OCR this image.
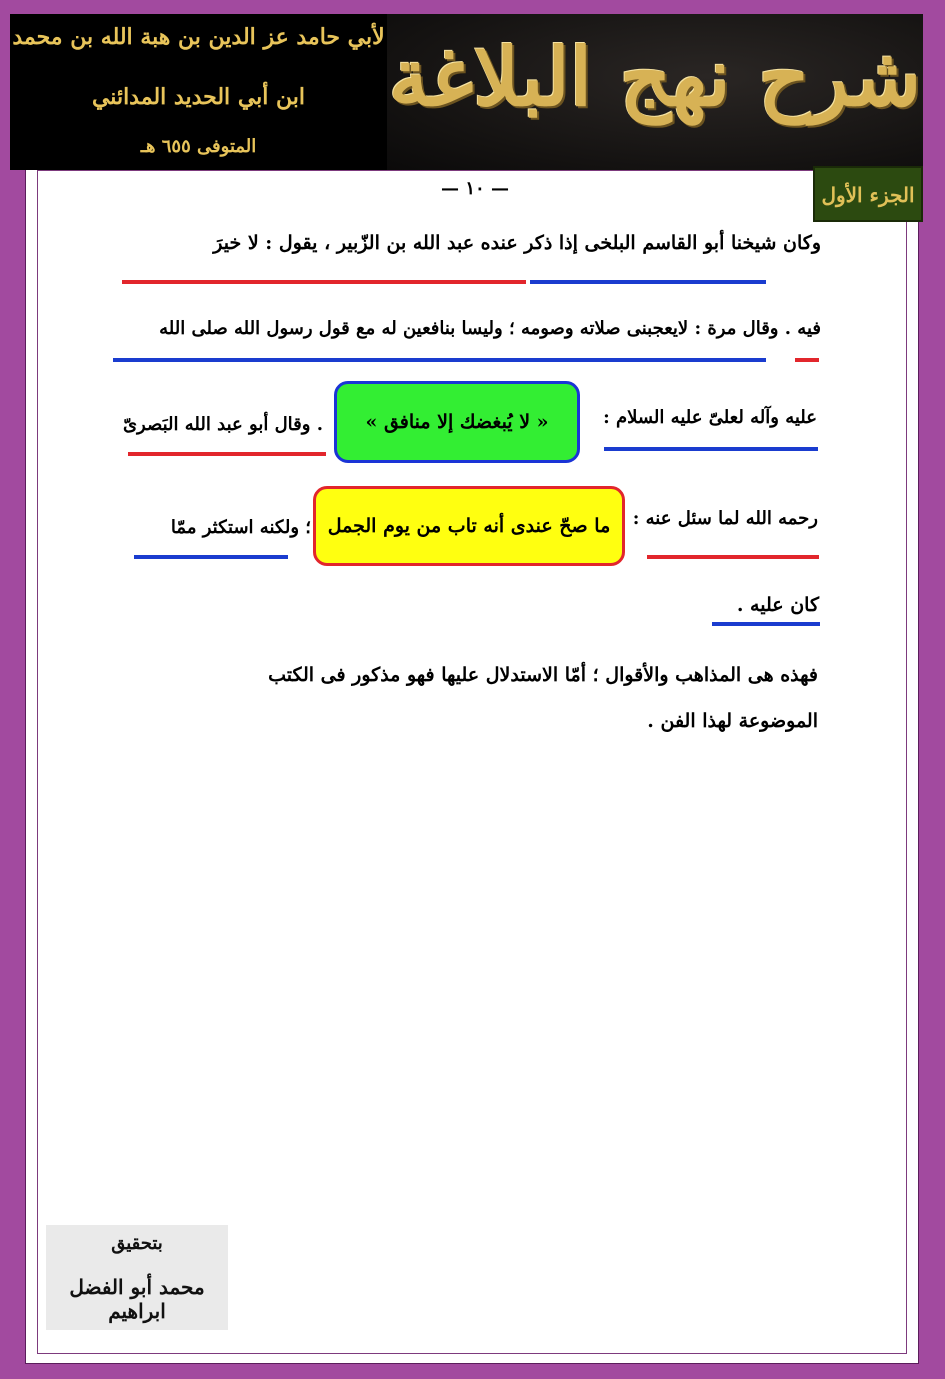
لأبي حامد عز الدين بن هبة الله بن محمد
ابن أبي الحديد المدائني
المتوفى ٦٥٥ هـ
شرح نهج البلاغة
الجزء الأول
— ١٠ —
وكان شيخنا أبو القاسم البلخى إذا ذكر عنده عبد الله بن الزّبير ، يقول : لا خيرَ
فيه . وقال مرة : لايعجبنى صلاته وصومه ؛ وليسا بنافعين له مع قول رسول الله صلى الله
عليه وآله لعلىّ عليه السلام :
« لا يُبغضك إلا منافق »
. وقال أبو عبد الله البَصرىّ
رحمه الله لما سئل عنه :
ما صحّ عندى أنه تاب من يوم الجمل
؛ ولكنه استكثر ممّا
كان عليه .
فهذه هى المذاهب والأقوال ؛ أمّا الاستدلال عليها فهو مذكور فى الكتب
الموضوعة لهذا الفن .
بتحقيق
محمد أبو الفضل ابراهيم
